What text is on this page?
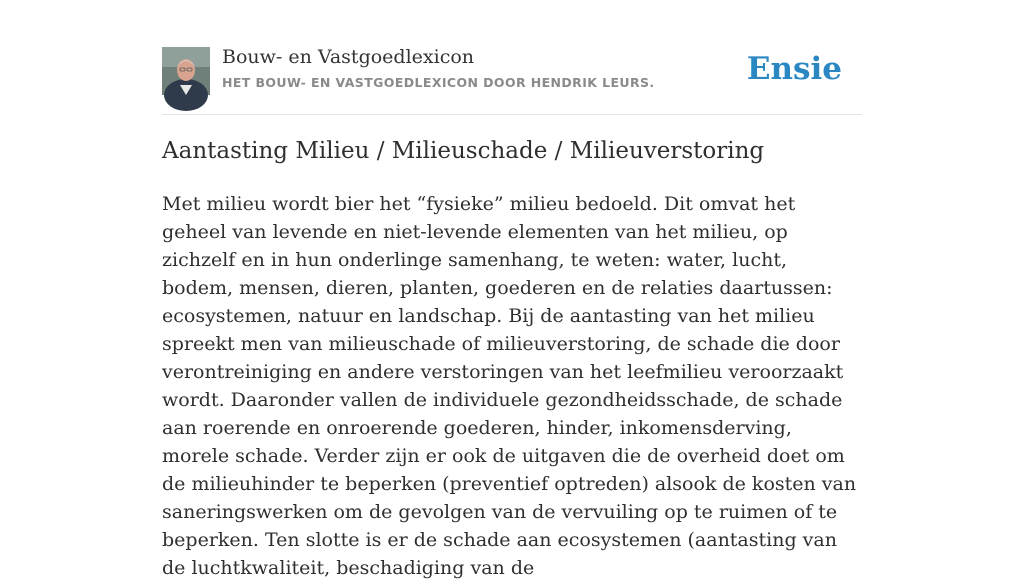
Bouw- en Vastgoedlexicon
HET BOUW- EN VASTGOEDLEXICON DOOR HENDRIK LEURS.	Ensie
Aantasting Milieu / Milieuschade / Milieuverstoring

Met milieu wordt bier het “fysieke” milieu bedoeld. Dit omvat het geheel van levende en niet-levende elementen van het milieu, op zichzelf en in hun onderlinge samenhang, te weten: water, lucht, bodem, mensen, dieren, planten, goederen en de relaties daartussen: ecosystemen, natuur en landschap. Bij de aantasting van het milieu spreekt men van milieuschade of milieuverstoring, de schade die door verontreiniging en andere verstoringen van het leefmilieu veroorzaakt wordt. Daaronder vallen de individuele gezondheidsschade, de schade aan roerende en onroerende goederen, hinder, inkomensderving, morele schade. Verder zijn er ook de uitgaven die de overheid doet om de milieuhinder te beperken (preventief optreden) alsook de kosten van saneringswerken om de gevolgen van de vervuiling op te ruimen of te beperken. Ten slotte is er de schade aan ecosystemen (aantasting van de luchtkwaliteit, beschadiging van de
